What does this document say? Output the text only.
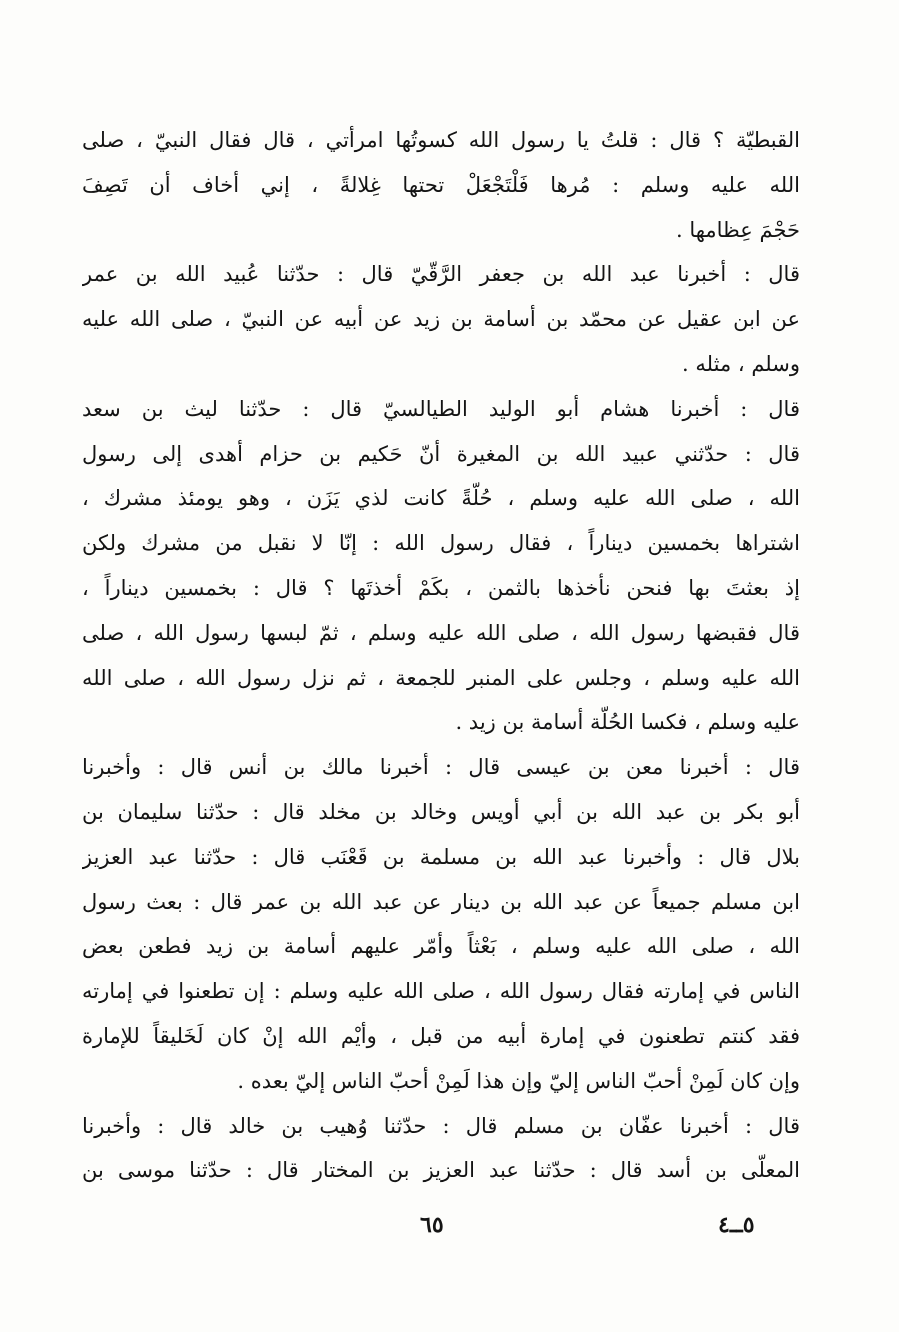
القبطيّة ؟ قال : قلتُ يا رسول الله كسوتُها امرأتي ، قال فقال النبيّ ، صلى
الله عليه وسلم : مُرها فَلْتَجْعَلْ تحتها غِلالةً ، إني أخاف أن تَصِفَ
حَجْمَ عِظامها .
قال : أخبرنا عبد الله بن جعفر الرَّقّيّ قال : حدّثنا عُبيد الله بن عمر
عن ابن عقيل عن محمّد بن أسامة بن زيد عن أبيه عن النبيّ ، صلى الله عليه
وسلم ، مثله .
قال : أخبرنا هشام أبو الوليد الطيالسيّ قال : حدّثنا ليث بن سعد
قال : حدّثني عبيد الله بن المغيرة أنّ حَكيم بن حزام أهدى إلى رسول
الله ، صلى الله عليه وسلم ، حُلّةً كانت لذي يَزَن ، وهو يومئذ مشرك ،
اشتراها بخمسين ديناراً ، فقال رسول الله : إنّا لا نقبل من مشرك ولكن
إذ بعثتَ بها فنحن نأخذها بالثمن ، بكَمْ أخذتَها ؟ قال : بخمسين ديناراً ،
قال فقبضها رسول الله ، صلى الله عليه وسلم ، ثمّ لبسها رسول الله ، صلى
الله عليه وسلم ، وجلس على المنبر للجمعة ، ثم نزل رسول الله ، صلى الله
عليه وسلم ، فكسا الحُلّة أسامة بن زيد .
قال : أخبرنا معن بن عيسى قال : أخبرنا مالك بن أنس قال : وأخبرنا
أبو بكر بن عبد الله بن أبي أويس وخالد بن مخلد قال : حدّثنا سليمان بن
بلال قال : وأخبرنا عبد الله بن مسلمة بن قَعْنَب قال : حدّثنا عبد العزيز
ابن مسلم جميعاً عن عبد الله بن دينار عن عبد الله بن عمر قال : بعث رسول
الله ، صلى الله عليه وسلم ، بَعْثاً وأمّر عليهم أسامة بن زيد فطعن بعض
الناس في إمارته فقال رسول الله ، صلى الله عليه وسلم : إن تطعنوا في إمارته
فقد كنتم تطعنون في إمارة أبيه من قبل ، وأيْم الله إنْ كان لَخَليقاً للإمارة
وإن كان لَمِنْ أحبّ الناس إليّ وإن هذا لَمِنْ أحبّ الناس إليّ بعده .
قال : أخبرنا عفّان بن مسلم قال : حدّثنا وُهيب بن خالد قال : وأخبرنا
المعلّى بن أسد قال : حدّثنا عبد العزيز بن المختار قال : حدّثنا موسى بن
٦٥	٥ــ٤
